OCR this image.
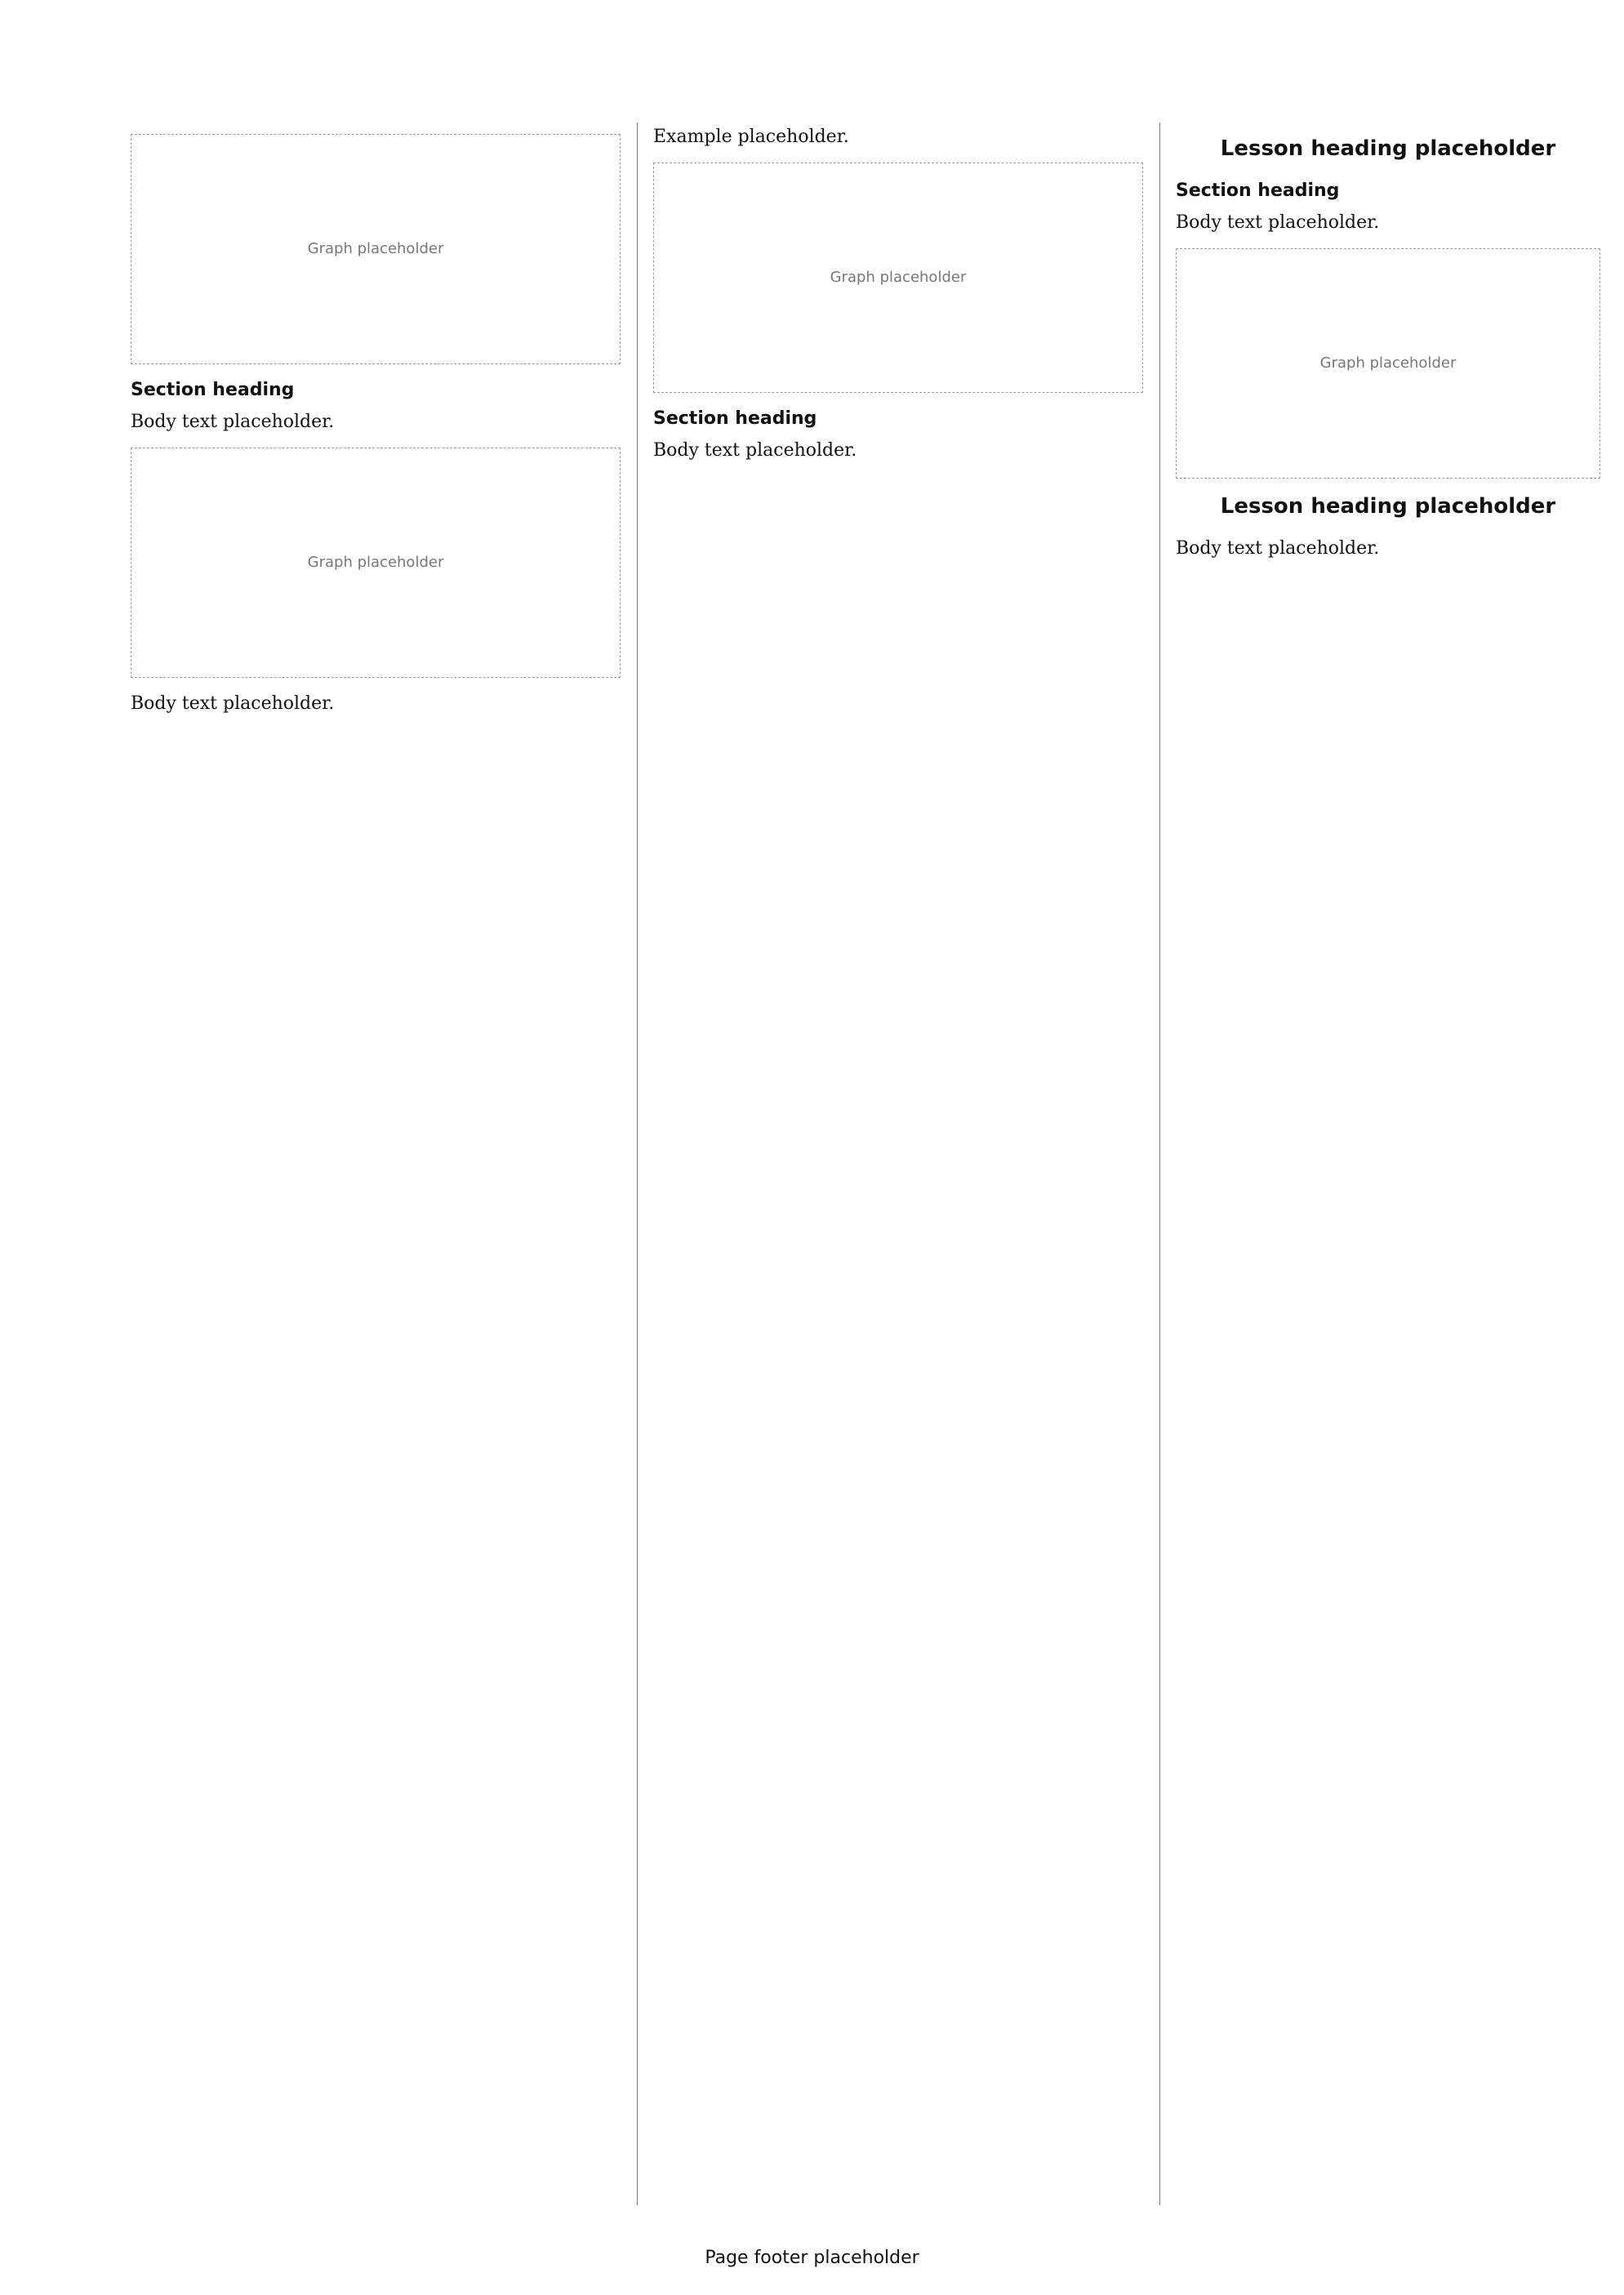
Graph placeholder
Section heading
Body text placeholder.
Graph placeholder
Body text placeholder.
Example placeholder.
Graph placeholder
Section heading
Body text placeholder.
Lesson heading placeholder
Section heading
Body text placeholder.
Graph placeholder
Lesson heading placeholder
Body text placeholder.
Page footer placeholder
